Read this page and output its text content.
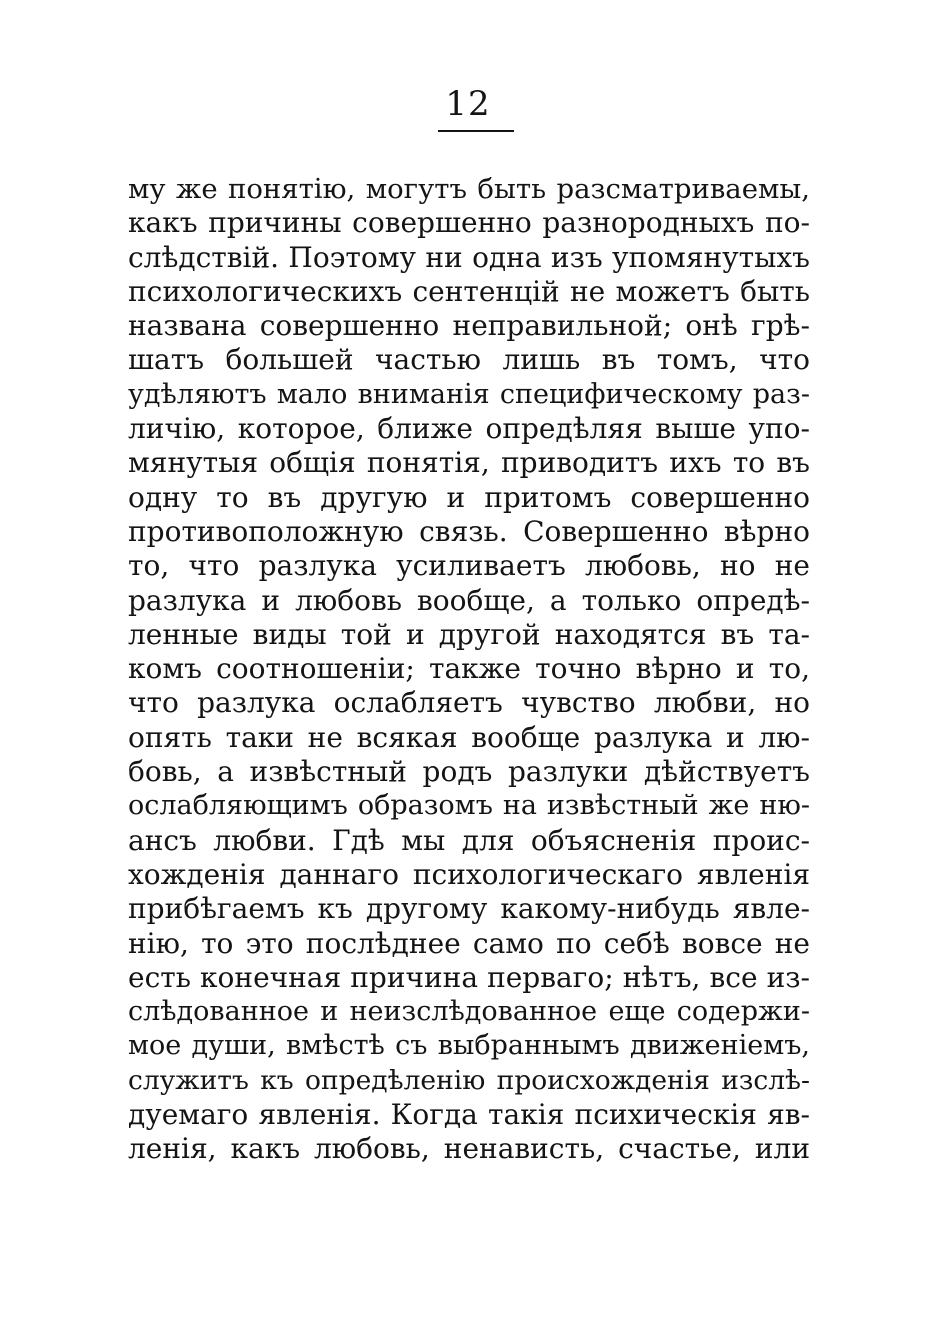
12
му же понятію, могутъ быть разсматриваемы,
какъ причины совершенно разнородныхъ по-
слѣдствій. Поэтому ни одна изъ упомянутыхъ
психологическихъ сентенцій не можетъ быть
названа совершенно неправильной; онѣ грѣ-
шатъ большей частью лишь въ томъ, что
удѣляютъ мало вниманія специфическому раз-
личію, которое, ближе опредѣляя выше упо-
мянутыя общія понятія, приводитъ ихъ то въ
одну то въ другую и притомъ совершенно
противоположную связь. Совершенно вѣрно
то, что разлука усиливаетъ любовь, но не
разлука и любовь вообще, а только опредѣ-
ленные виды той и другой находятся въ та-
комъ соотношеніи; также точно вѣрно и то,
что разлука ослабляетъ чувство любви, но
опять таки не всякая вообще разлука и лю-
бовь, а извѣстный родъ разлуки дѣйствуетъ
ослабляющимъ образомъ на извѣстный же ню-
ансъ любви. Гдѣ мы для объясненія проис-
хожденія даннаго психологическаго явленія
прибѣгаемъ къ другому какому-нибудь явле-
нію, то это послѣднее само по себѣ вовсе не
есть конечная причина перваго; нѣтъ, все из-
слѣдованное и неизслѣдованное еще содержи-
мое души, вмѣстѣ съ выбраннымъ движеніемъ,
служитъ къ опредѣленію происхожденія изслѣ-
дуемаго явленія. Когда такія психическія яв-
ленія, какъ любовь, ненависть, счастье, или
